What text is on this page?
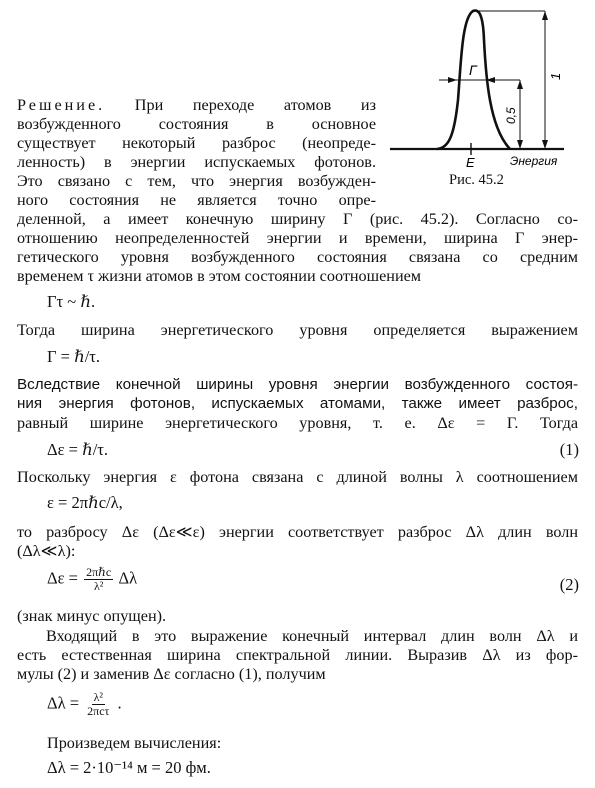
Γ	1
0,5
E	Энергия
Рис. 45.2
Решение. При переходе атомов из
возбужденного состояния в основное
существует некоторый разброс (неопреде-
ленность) в энергии испускаемых фотонов.
Это связано с тем, что энергия возбужден-
ного состояния не является точно опре-
деленной, а имеет конечную ширину Γ (рис. 45.2). Согласно со-
отношению неопределенностей энергии и времени, ширина Γ энер-
гетического уровня возбужденного состояния связана со средним
временем τ жизни атомов в этом состоянии соотношением
Γτ ~ ℏ.
Тогда ширина энергетического уровня определяется выражением
Γ = ℏ/τ.
Вследствие конечной ширины уровня энергии возбужденного состоя-
ния энергия фотонов, испускаемых атомами, также имеет разброс,
равный ширине энергетического уровня, т. е. Δε = Γ. Тогда
Δε = ℏ/τ.	(1)
Поскольку энергия ε фотона связана с длиной волны λ соотношением
ε = 2πℏc/λ,
то разбросу Δε (Δε≪ε) энергии соответствует разброс Δλ длин волн
(Δλ≪λ):
$\Delta\varepsilon = \frac{\text{2πℏc}}{\text{λ²}}$ Δλ	(2)
(знак минус опущен).
Входящий в это выражение конечный интервал длин волн Δλ и
есть естественная ширина спектральной линии. Выразив Δλ из фор-
мулы (2) и заменив Δε согласно (1), получим
$\Delta\lambda = \frac{\text{λ²}}{\text{2πcτ}}$ .
Произведем вычисления:
Δλ = 2·10⁻¹⁴ м = 20 фм.
